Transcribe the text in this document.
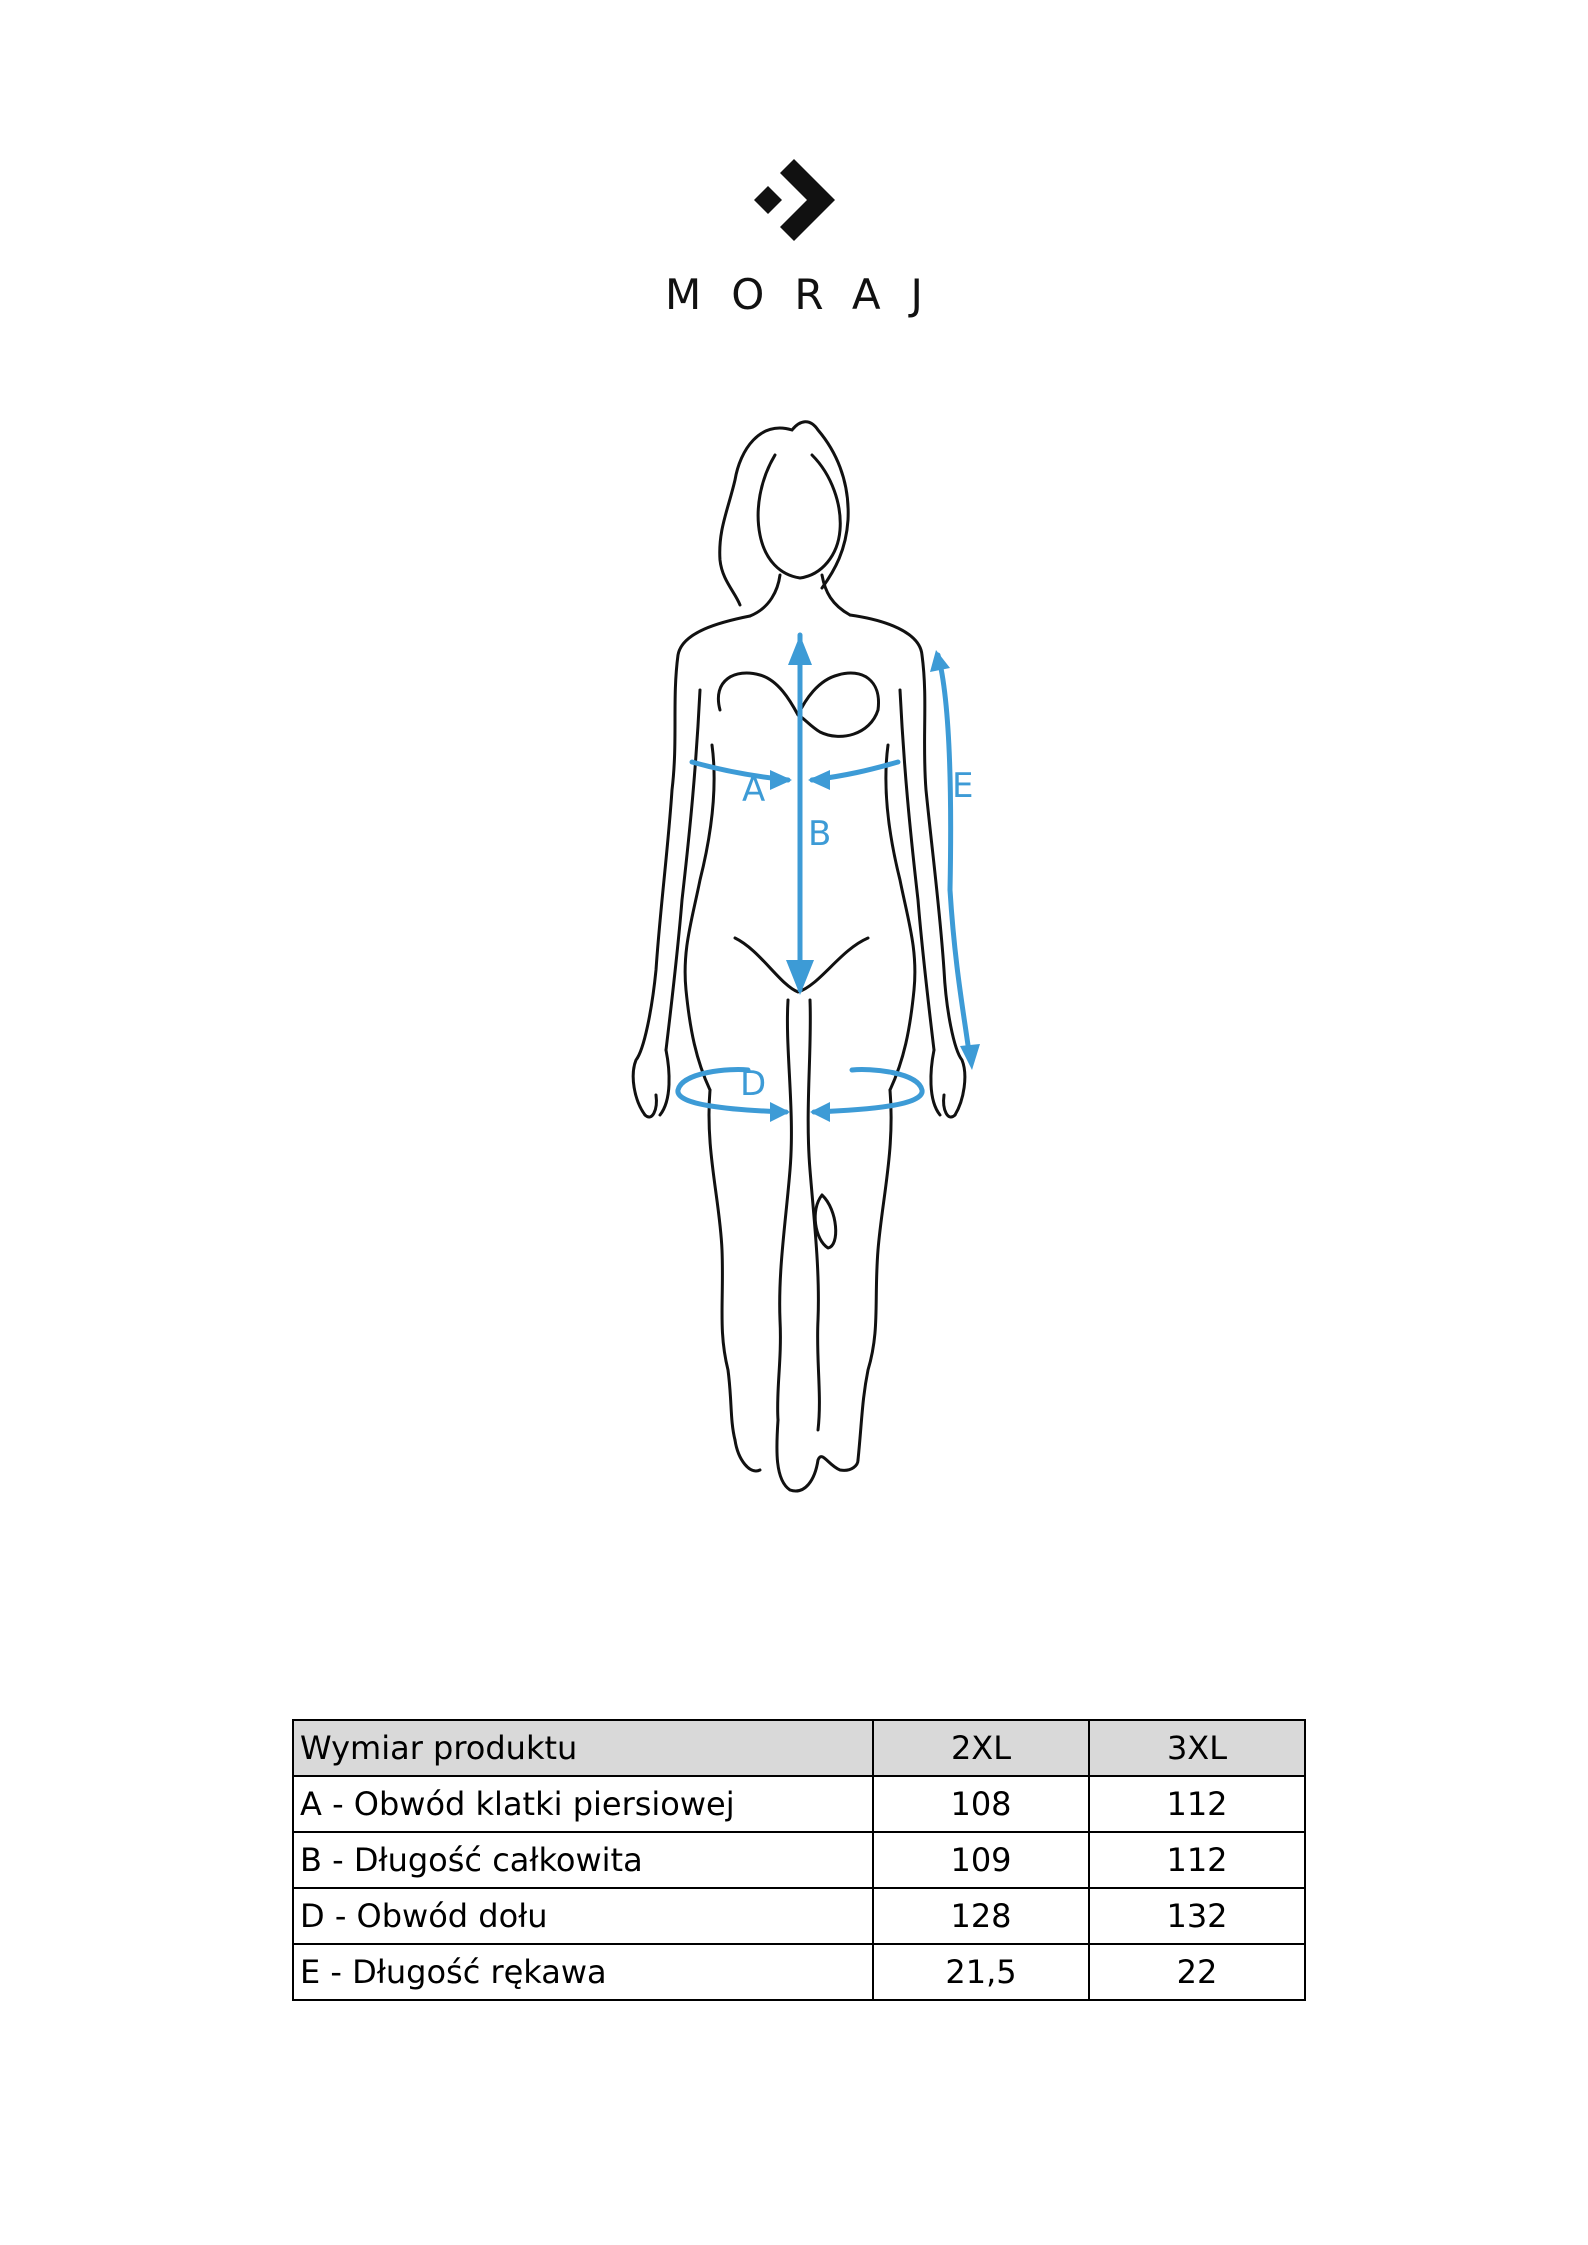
MORAJ
A
B
E
D
Wymiar produktu	2XL	3XL
A - Obwód klatki piersiowej	108	112
B - Długość całkowita	109	112
D - Obwód dołu	128	132
E - Długość rękawa	21,5	22
